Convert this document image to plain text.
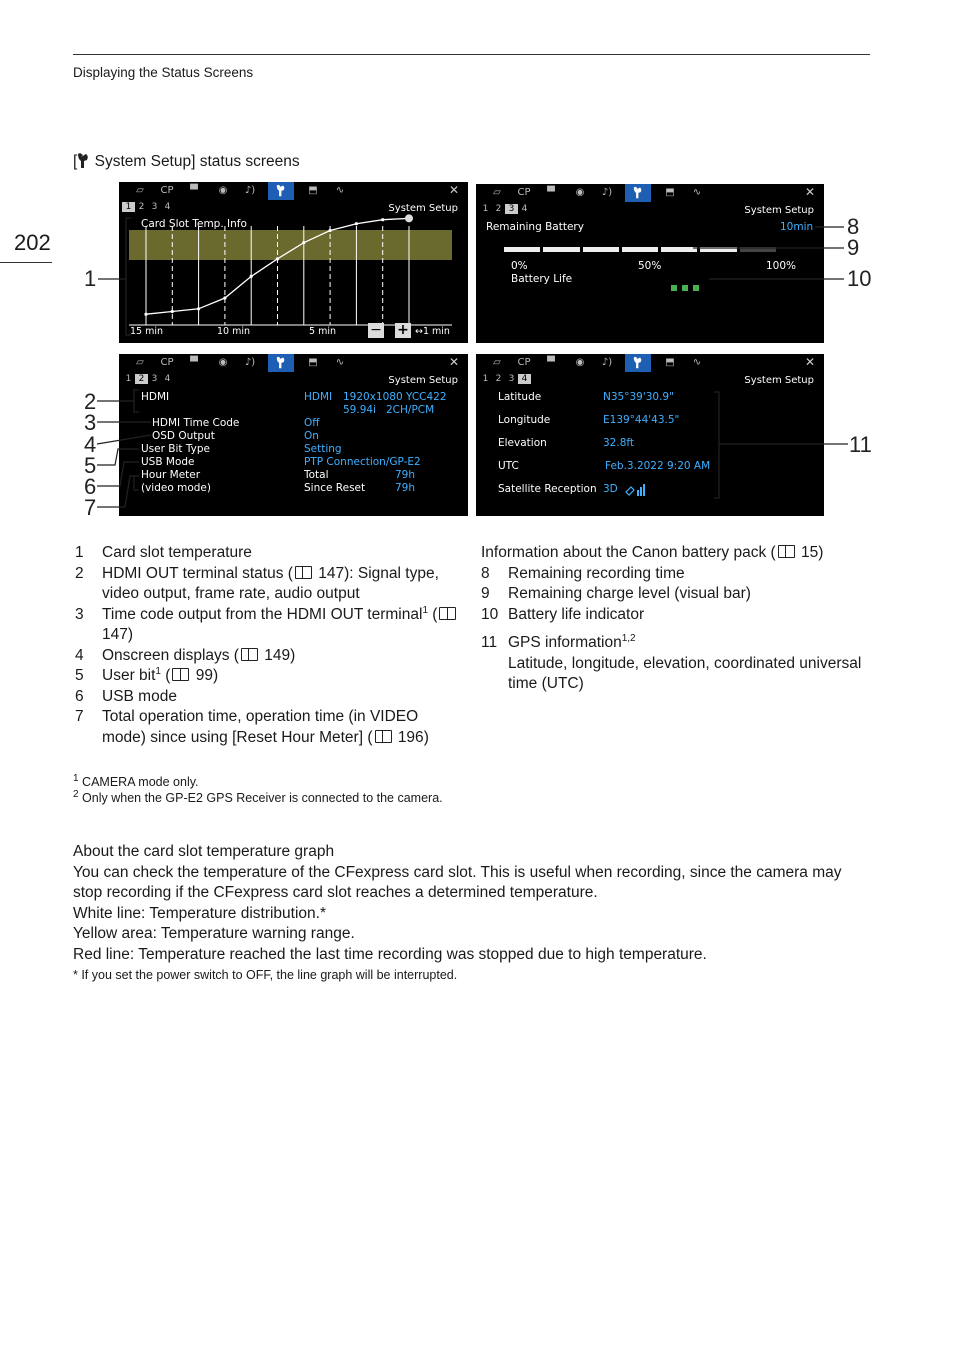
Displaying the Status Screens
202
[ System Setup] status screens
▱	CP	▀	◉	♪)	⬒	∿	✕
1 2 3 4	System Setup
Card Slot Temp. Info
15 min	10 min	5 min − + ↔1 min
▱	CP	▀	◉	♪)	⬒	∿	✕
1 2 3 4	System Setup
Remaining Battery	10min
0%	50%	100%
Battery Life
▱	CP	▀	◉	♪)	⬒	∿	✕
1 2 3 4	System Setup
HDMI	HDMI 1920x1080 YCC422
59.94i 2CH/PCM
HDMI Time Code	Off
OSD Output	On
User Bit Type	Setting
USB Mode	PTP Connection/GP-E2
Hour Meter	Total	79h
(video mode)	Since Reset	79h
▱	CP	▀	◉	♪)	⬒	∿	✕
1 2 3 4	System Setup
Latitude	N35°39'30.9"
Longitude	E139°44'43.5"
Elevation	32.8ft
UTC	Feb.3.2022 9:20 AM
Satellite Reception 3D
1
2
3
4
5
6
7
8
9
10
11
1 Card slot temperature
2 HDMI OUT terminal status ( 147): Signal type, video output, frame rate, audio output
3 Time code output from the HDMI OUT terminal$^1$ ( 147)
4 Onscreen displays ( 149)
5 User bit$^1$ ( 99)
6 USB mode
7 Total operation time, operation time (in VIDEO mode) since using [Reset Hour Meter] ( 196)
Information about the Canon battery pack ( 15)
8 Remaining recording time
9 Remaining charge level (visual bar)
10 Battery life indicator
11 GPS information$^{1,2}$
Latitude, longitude, elevation, coordinated universal time (UTC)
$^1$ CAMERA mode only.
$^2$ Only when the GP-E2 GPS Receiver is connected to the camera.
About the card slot temperature graph
You can check the temperature of the CFexpress card slot. This is useful when recording, since the camera may stop recording if the CFexpress card slot reaches a determined temperature.
White line: Temperature distribution.*
Yellow area: Temperature warning range.
Red line: Temperature reached the last time recording was stopped due to high temperature.
* If you set the power switch to OFF, the line graph will be interrupted.
